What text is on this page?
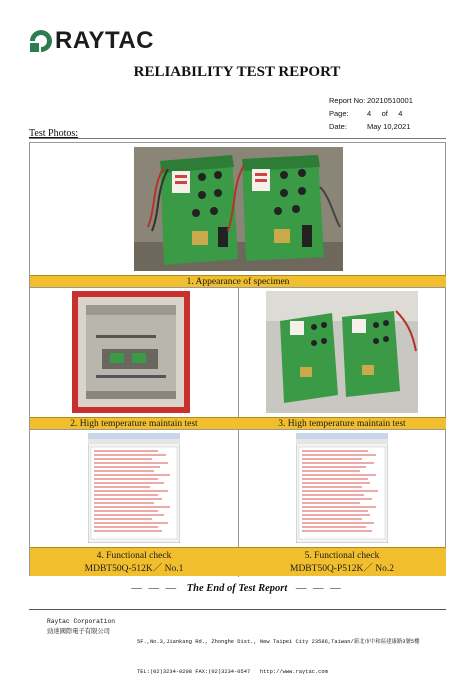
RAYTAC
RELIABILITY TEST REPORT
Report No: 20210510001
Page:	4     of     4
Date:	May 10,2021
Test Photos:
1. Appearance of specimen
2. High temperature maintain test	3. High temperature maintain test
4. Functional check
MDBT50Q-512K／ No.1
5. Functional check
MDBT50Q-P512K／ No.2
— — — The End of Test Report — — —
Raytac Corporation
勁達國際電子有限公司

5F.,No.3,Jiankang Rd., Zhonghe Dist., New Taipei City 23586,Taiwan/新北市中和區建康路3號5樓

TEL:(02)3234-0208 FAX:(02)3234-0547   http://www.raytac.com
